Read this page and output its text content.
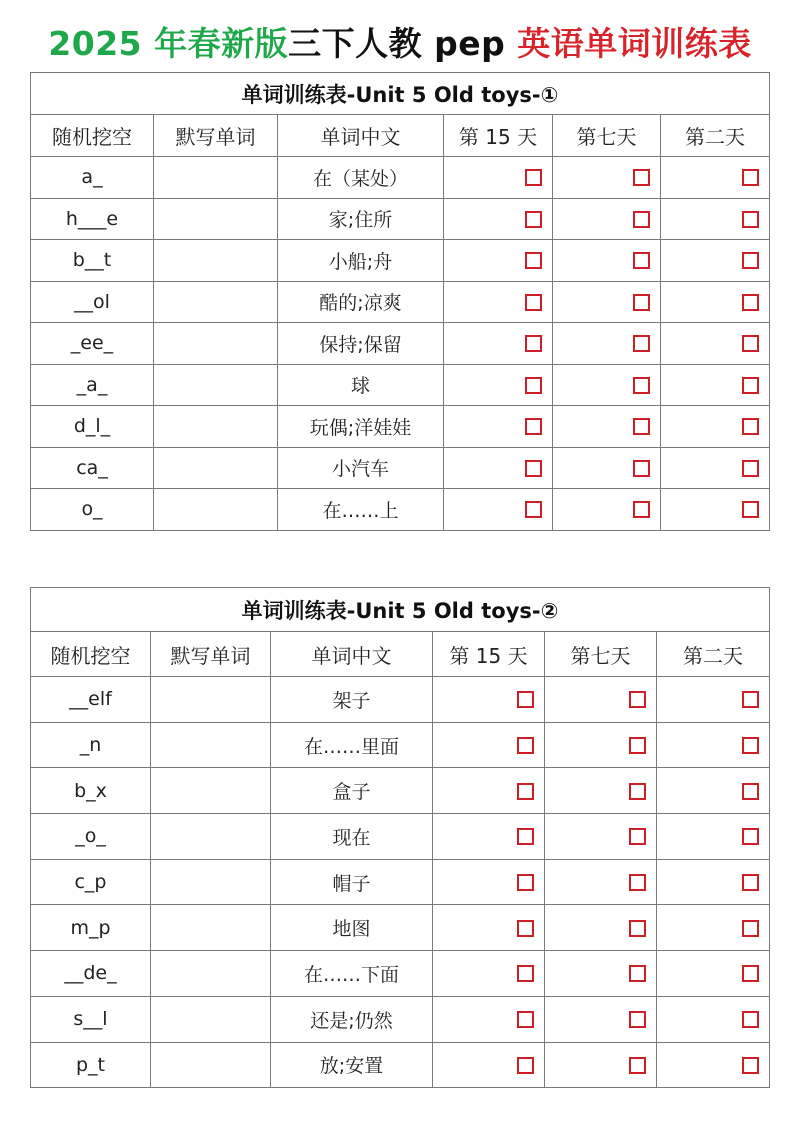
2025 年春新版三下人教 pep 英语单词训练表
单词训练表-Unit 5 Old toys-①					
随机挖空	默写单词	单词中文	第 15 天	第七天	第二天
a_		在（某处）			
h___e		家;住所			
b__t		小船;舟			
__ol		酷的;凉爽			
_ee_		保持;保留			
_a_		球			
d_l_		玩偶;洋娃娃			
ca_		小汽车			
o_		在……上			
单词训练表-Unit 5 Old toys-②					
随机挖空	默写单词	单词中文	第 15 天	第七天	第二天
__elf		架子			
_n		在……里面			
b_x		盒子			
_o_		现在			
c_p		帽子			
m_p		地图			
__de_		在……下面			
s__l		还是;仍然			
p_t		放;安置			
